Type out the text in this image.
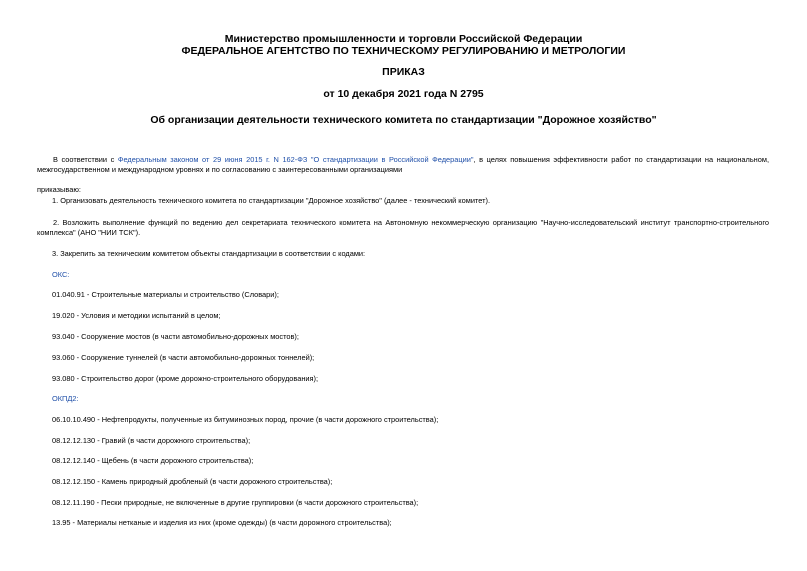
Министерство промышленности и торговли Российской Федерации
ФЕДЕРАЛЬНОЕ АГЕНТСТВО ПО ТЕХНИЧЕСКОМУ РЕГУЛИРОВАНИЮ И МЕТРОЛОГИИ
ПРИКАЗ
от 10 декабря 2021 года N 2795
Об организации деятельности технического комитета по стандартизации "Дорожное хозяйство"
В соответствии с Федеральным законом от 29 июня 2015 г. N 162-ФЗ "О стандартизации в Российской Федерации", в целях повышения эффективности работ по стандартизации на национальном, межгосударственном и международном уровнях и по согласованию с заинтересованными организациями
приказываю:
1. Организовать деятельность технического комитета по стандартизации "Дорожное хозяйство" (далее - технический комитет).
2. Возложить выполнение функций по ведению дел секретариата технического комитета на Автономную некоммерческую организацию "Научно-исследовательский институт транспортно-строительного комплекса" (АНО "НИИ ТСК").
3. Закрепить за техническим комитетом объекты стандартизации в соответствии с кодами:
ОКС:
01.040.91 - Строительные материалы и строительство (Словари);
19.020 - Условия и методики испытаний в целом;
93.040 - Сооружение мостов (в части автомобильно-дорожных мостов);
93.060 - Сооружение туннелей (в части автомобильно-дорожных тоннелей);
93.080 - Строительство дорог (кроме дорожно-строительного оборудования);
ОКПД2:
06.10.10.490 - Нефтепродукты, полученные из битуминозных пород, прочие (в части дорожного строительства);
08.12.12.130 - Гравий (в части дорожного строительства);
08.12.12.140 - Щебень (в части дорожного строительства);
08.12.12.150 - Камень природный дробленый (в части дорожного строительства);
08.12.11.190 - Пески природные, не включенные в другие группировки (в части дорожного строительства);
13.95 - Материалы нетканые и изделия из них (кроме одежды) (в части дорожного строительства);
